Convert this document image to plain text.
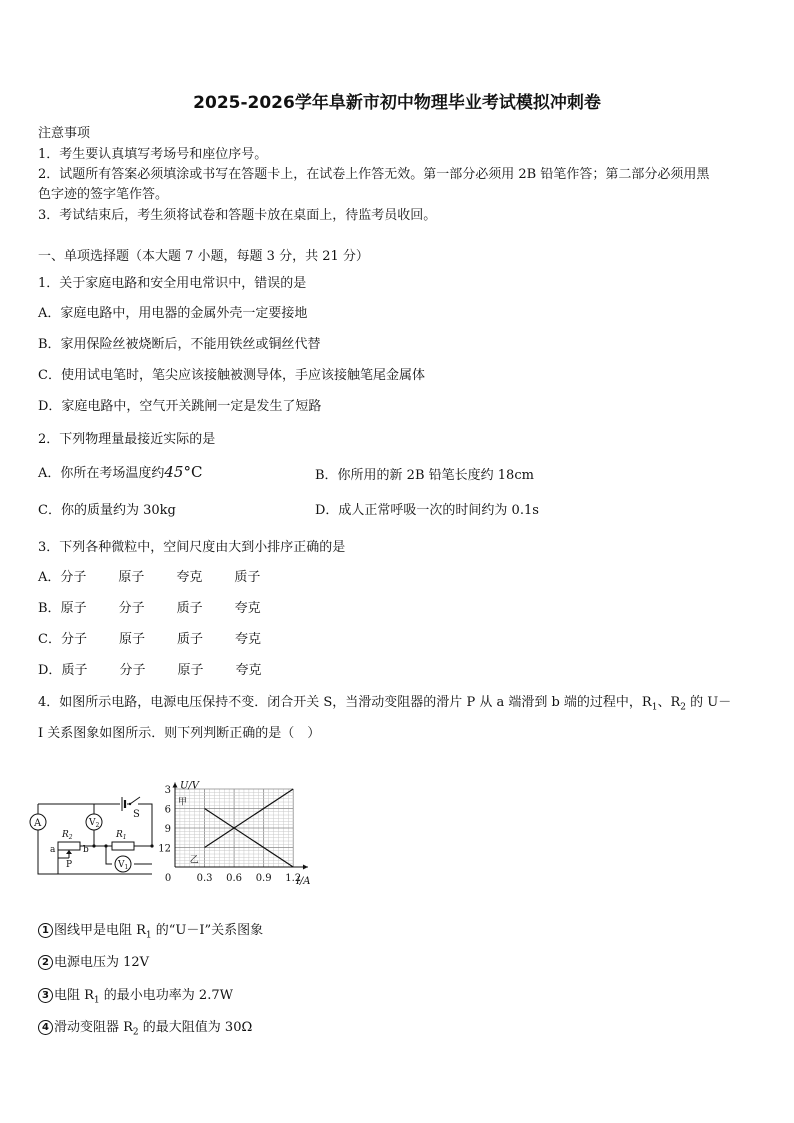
2025-2026学年阜新市初中物理毕业考试模拟冲刺卷
注意事项
1．考生要认真填写考场号和座位序号。
2．试题所有答案必须填涂或书写在答题卡上，在试卷上作答无效。第一部分必须用 2B 铅笔作答；第二部分必须用黑
色字迹的签字笔作答。
3．考试结束后，考生须将试卷和答题卡放在桌面上，待监考员收回。
一、单项选择题（本大题 7 小题，每题 3 分，共 21 分）
1．关于家庭电路和安全用电常识中，错误的是
A．家庭电路中，用电器的金属外壳一定要接地
B．家用保险丝被烧断后，不能用铁丝或铜丝代替
C．使用试电笔时，笔尖应该接触被测导体，手应该接触笔尾金属体
D．家庭电路中，空气开关跳闸一定是发生了短路
2．下列物理量最接近实际的是
A．你所在考场温度约45°C	B．你所用的新 2B 铅笔长度约 18cm
C．你的质量约为 30kg	D．成人正常呼吸一次的时间约为 0.1s
3．下列各种微粒中，空间尺度由大到小排序正确的是
A．分子 原子 夸克 质子
B．原子 分子 质子 夸克
C．分子 原子 质子 夸克
D．质子 分子 原子 夸克
4．如图所示电路，电源电压保持不变．闭合开关 S，当滑动变阻器的滑片 P 从 a 端滑到 b 端的过程中，$R_1$、$R_2$ 的 U－
I 关系图象如图所示．则下列判断正确的是（　）
S
A	$V_2$
$R_2$
a	b
P
$R_1$
$V_1$
U/V
I/A
12
9
6
3
0	0.3 0.6 0.9 1.2
甲
乙
1 图线甲是电阻 $R_1$ 的“U－I”关系图象
2 电源电压为 12V
3 电阻 $R_1$ 的最小电功率为 2.7W
4 滑动变阻器 $R_2$ 的最大阻值为 30Ω
